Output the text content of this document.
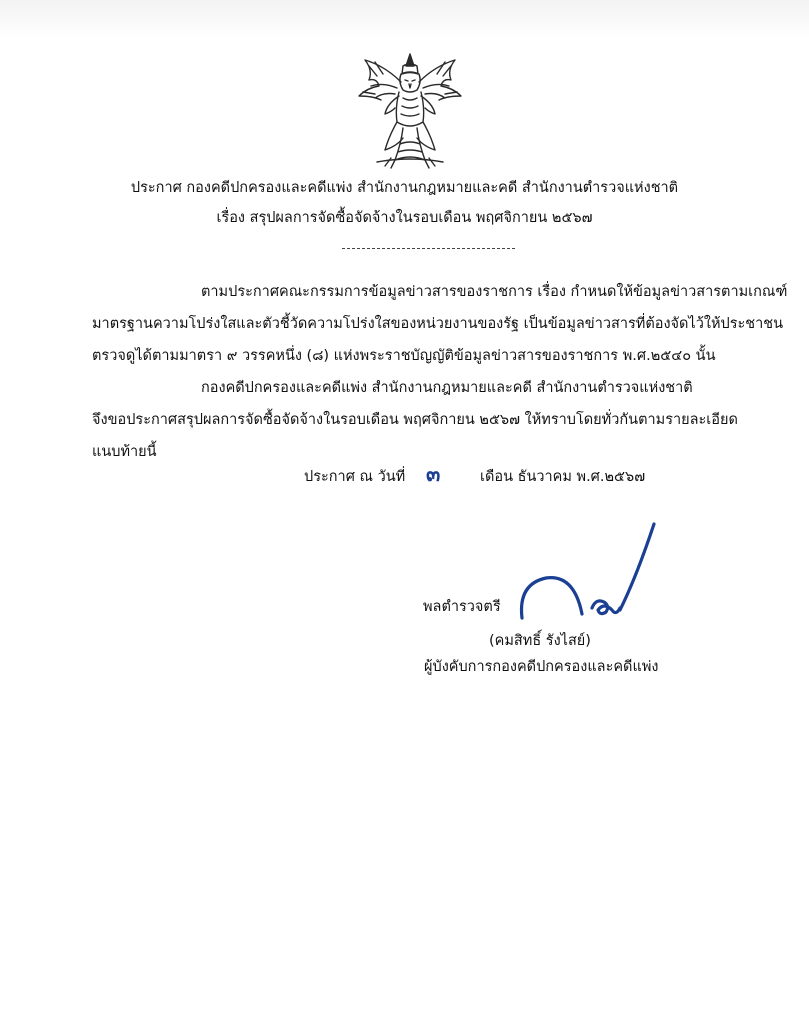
ประกาศ กองคดีปกครองและคดีแพ่ง สำนักงานกฎหมายและคดี สำนักงานตำรวจแห่งชาติ
เรื่อง สรุปผลการจัดซื้อจัดจ้างในรอบเดือน พฤศจิกายน ๒๕๖๗
ตามประกาศคณะกรรมการข้อมูลข่าวสารของราชการ เรื่อง กำหนดให้ข้อมูลข่าวสารตามเกณฑ์
มาตรฐานความโปร่งใสและตัวชี้วัดความโปร่งใสของหน่วยงานของรัฐ เป็นข้อมูลข่าวสารที่ต้องจัดไว้ให้ประชาชน
ตรวจดูได้ตามมาตรา ๙ วรรคหนึ่ง (๘) แห่งพระราชบัญญัติข้อมูลข่าวสารของราชการ พ.ศ.๒๕๔๐ นั้น
กองคดีปกครองและคดีแพ่ง สำนักงานกฎหมายและคดี สำนักงานตำรวจแห่งชาติ
จึงขอประกาศสรุปผลการจัดซื้อจัดจ้างในรอบเดือน พฤศจิกายน ๒๕๖๗ ให้ทราบโดยทั่วกันตามรายละเอียด
แนบท้ายนี้
ประกาศ ณ วันที่ ๓	เดือน ธันวาคม พ.ศ.๒๕๖๗
พลตำรวจตรี
(คมสิทธิ์ รังไสย์)
ผู้บังคับการกองคดีปกครองและคดีแพ่ง
